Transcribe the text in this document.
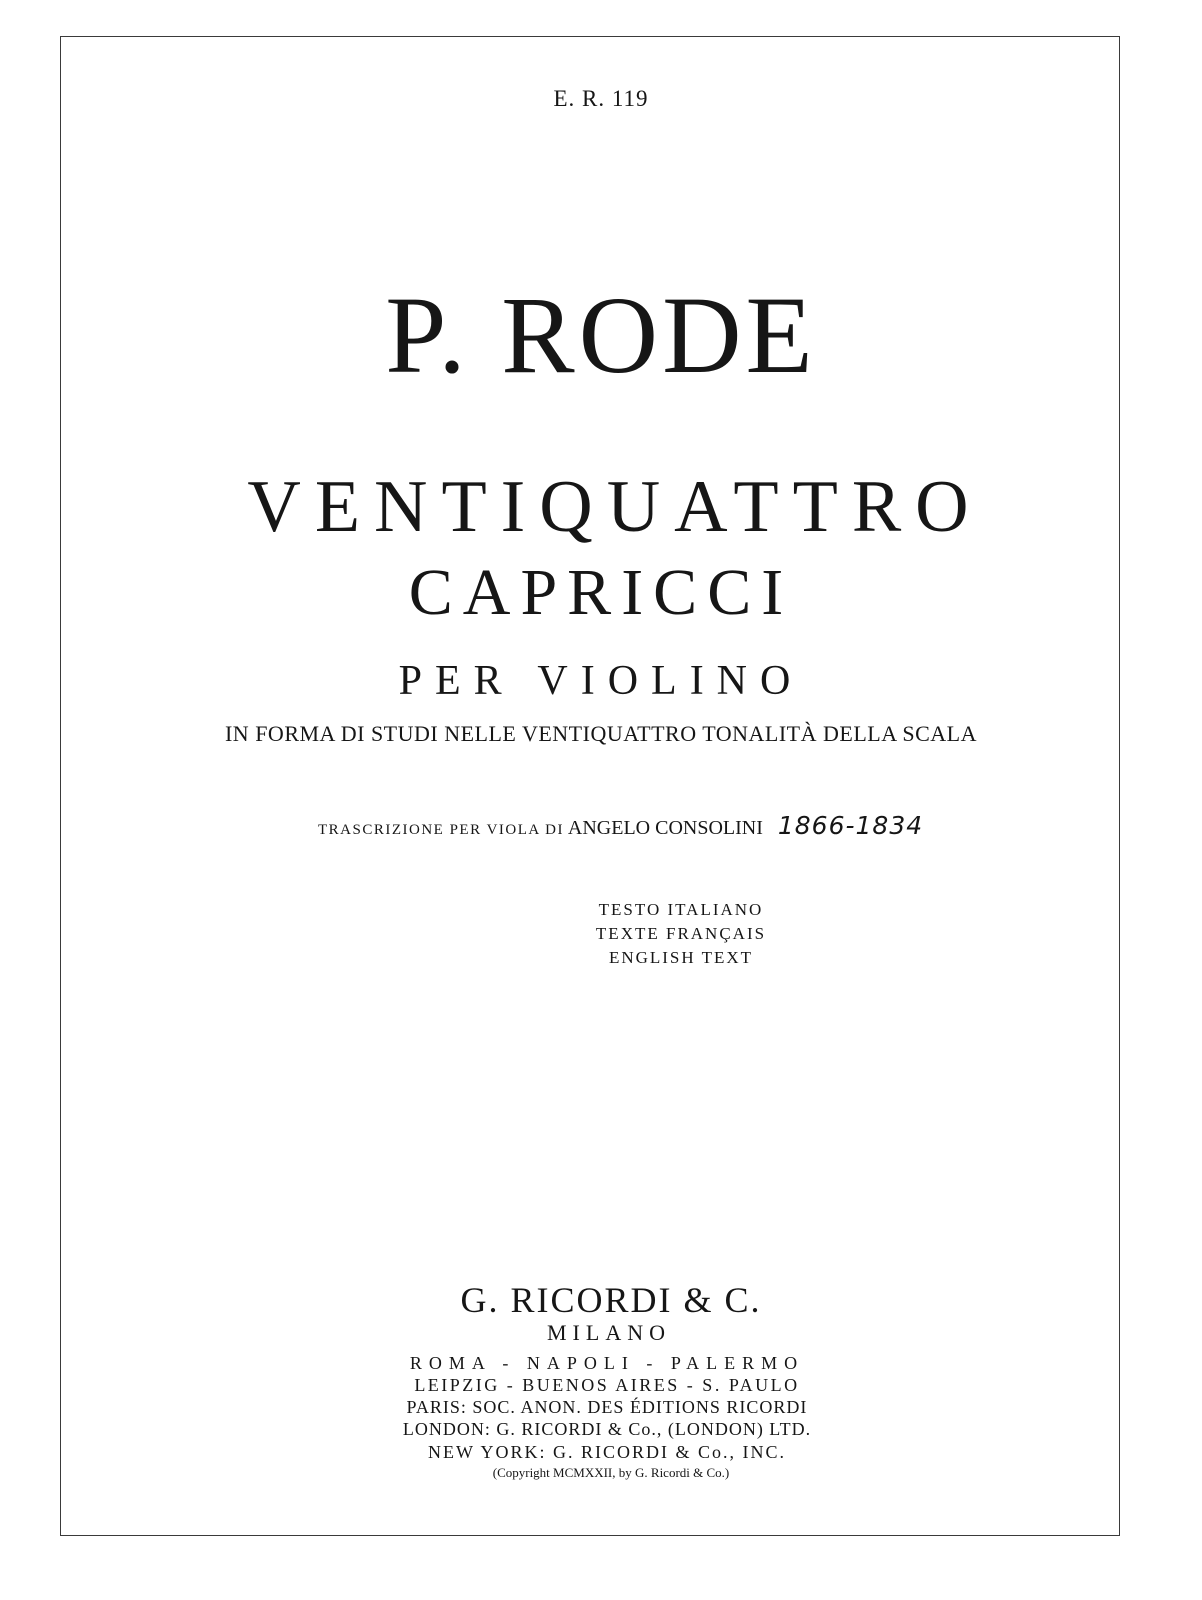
E. R. 119
P. RODE
VENTIQUATTRO
CAPRICCI
PER VIOLINO
IN FORMA DI STUDI NELLE VENTIQUATTRO TONALITÀ DELLA SCALA
TRASCRIZIONE PER VIOLA DI ANGELO CONSOLINI 1866-1834
TESTO ITALIANO
TEXTE FRANÇAIS
ENGLISH TEXT
G. RICORDI & C.
MILANO
ROMA - NAPOLI - PALERMO
LEIPZIG - BUENOS AIRES - S. PAULO
PARIS: SOC. ANON. DES ÉDITIONS RICORDI
LONDON: G. RICORDI & Co., (LONDON) LTD.
NEW YORK: G. RICORDI & Co., INC.
(Copyright MCMXXII, by G. Ricordi & Co.)
